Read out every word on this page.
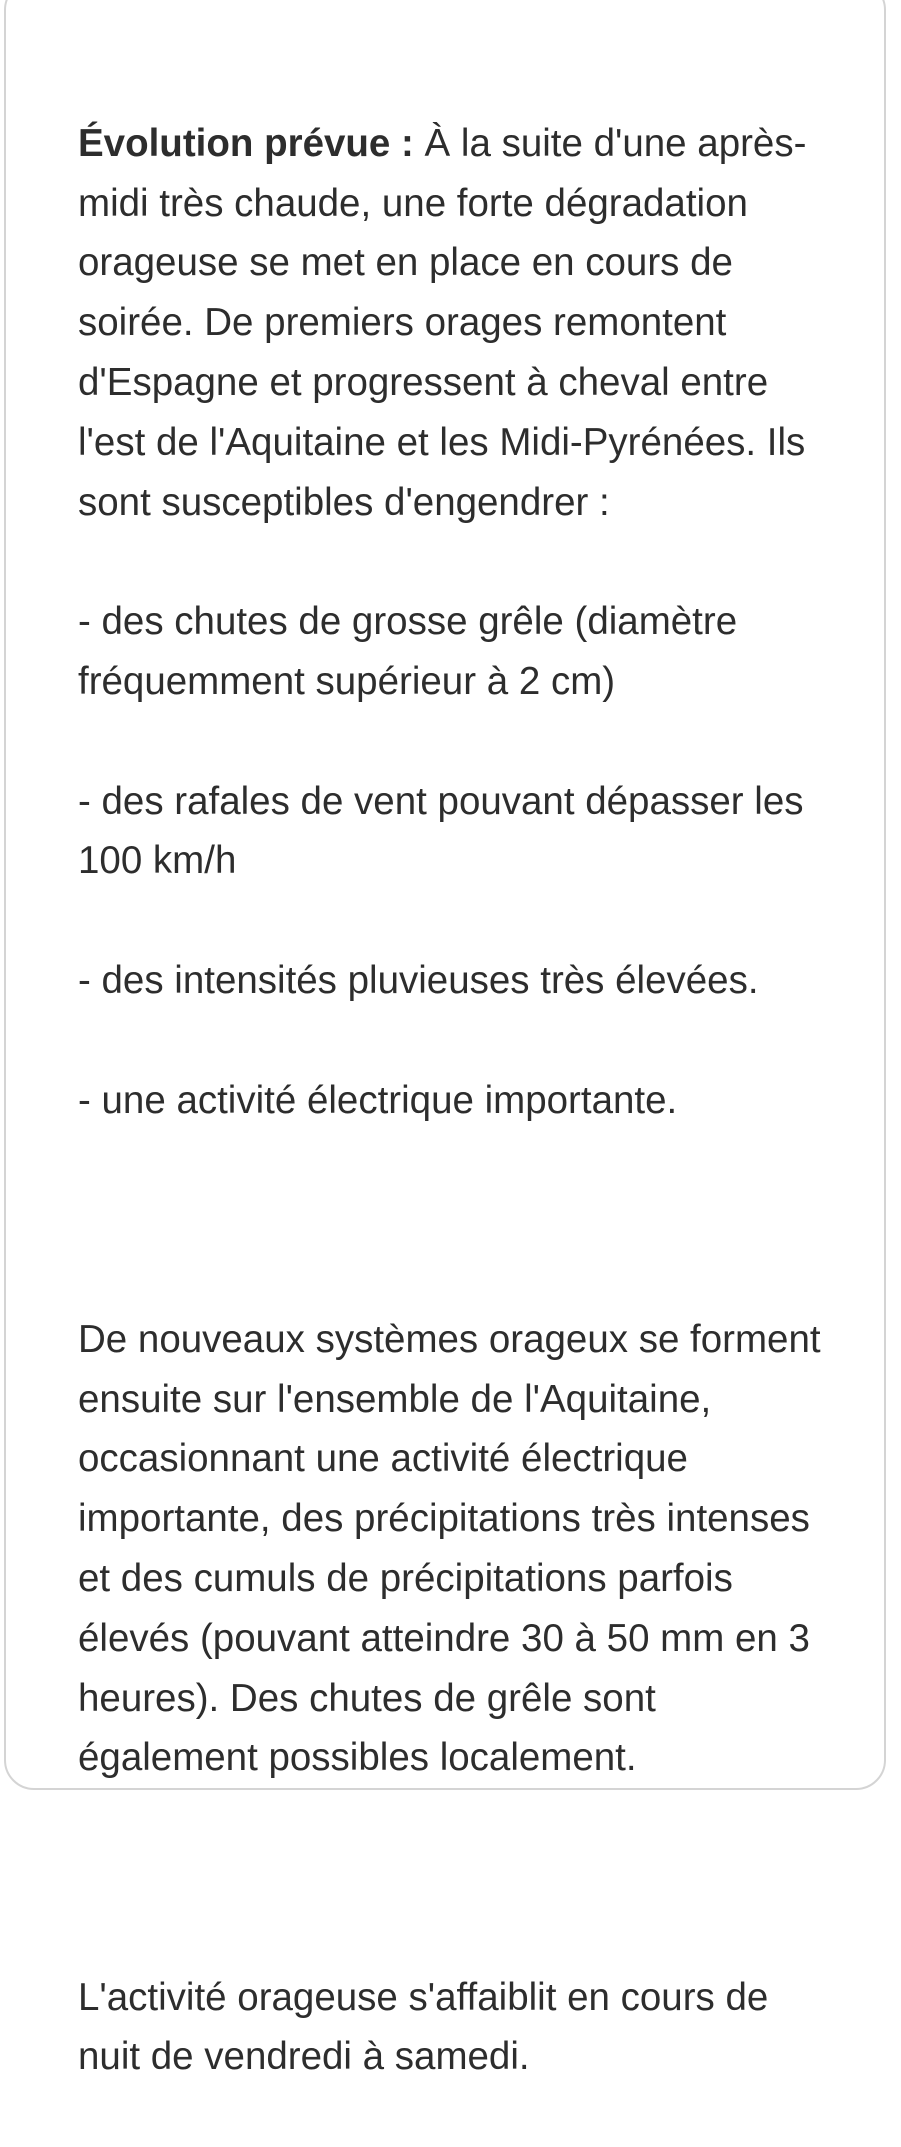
Évolution prévue : À la suite d'une après-midi très chaude, une forte dégradation orageuse se met en place en cours de soirée. De premiers orages remontent d'Espagne et progressent à cheval entre l'est de l'Aquitaine et les Midi-Pyrénées. Ils sont susceptibles d'engendrer :

- des chutes de grosse grêle (diamètre fréquemment supérieur à 2 cm)

- des rafales de vent pouvant dépasser les 100 km/h

- des intensités pluvieuses très élevées.

- une activité électrique importante.

De nouveaux systèmes orageux se forment ensuite sur l'ensemble de l'Aquitaine, occasionnant une activité électrique importante, des précipitations très intenses et des cumuls de précipitations parfois élevés (pouvant atteindre 30 à 50 mm en 3 heures). Des chutes de grêle sont également possibles localement.

L'activité orageuse s'affaiblit en cours de nuit de vendredi à samedi.
